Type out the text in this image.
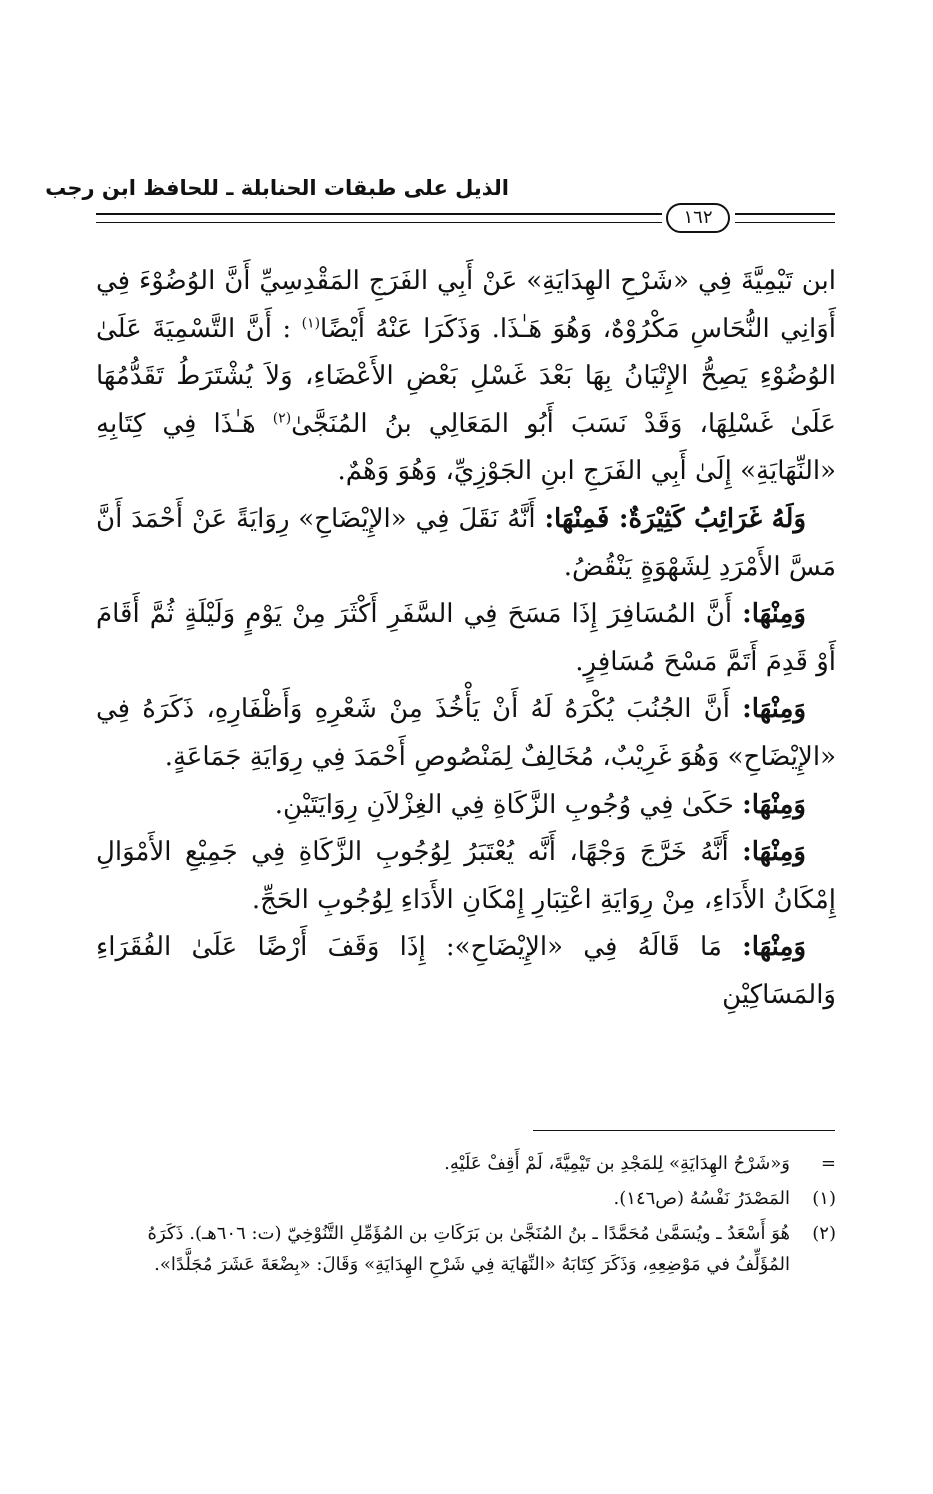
الذيل على طبقات الحنابلة ـ للحافظ ابن رجب
١٦٢

ابن تَيْمِيَّةَ فِي «شَرْحِ الهِدَايَةِ» عَنْ أَبِي الفَرَجِ المَقْدِسِيِّ أَنَّ الوُضُوْءَ فِي أَوَانِي النُّحَاسِ مَكْرُوْهٌ، وَهُوَ هَـٰذَا. وَذَكَرَا عَنْهُ أَيْضًا$^{(١)}$ : أَنَّ التَّسْمِيَةَ عَلَىٰ الوُضُوْءِ يَصِحُّ الإِتْيَانُ بِهَا بَعْدَ غَسْلِ بَعْضِ الأَعْضَاءِ، وَلاَ يُشْتَرَطُ تَقَدُّمُهَا عَلَىٰ غَسْلِهَا، وَقَدْ نَسَبَ أَبُو المَعَالِي بنُ المُنَجَّىٰ$^{(٢)}$ هَـٰذَا فِي كِتَابِهِ «النِّهَايَةِ» إِلَىٰ أَبِي الفَرَجِ ابنِ الجَوْزِيِّ، وَهُوَ وَهْمٌ.

وَلَهُ غَرَائِبُ كَثِيْرَةٌ: فَمِنْهَا: أَنَّهُ نَقَلَ فِي «الإِيْضَاحِ» رِوَايَةً عَنْ أَحْمَدَ أَنَّ مَسَّ الأَمْرَدِ لِشَهْوَةٍ يَنْقُضُ.

وَمِنْهَا: أَنَّ المُسَافِرَ إِذَا مَسَحَ فِي السَّفَرِ أَكْثَرَ مِنْ يَوْمٍ وَلَيْلَةٍ ثُمَّ أَقَامَ أَوْ قَدِمَ أَتَمَّ مَسْحَ مُسَافِرٍ.

وَمِنْهَا: أَنَّ الجُنُبَ يُكْرَهُ لَهُ أَنْ يَأْخُذَ مِنْ شَعْرِهِ وَأَظْفَارِهِ، ذَكَرَهُ فِي «الإِيْضَاحِ» وَهُوَ غَرِيْبٌ، مُخَالِفٌ لِمَنْصُوصِ أَحْمَدَ فِي رِوَايَةِ جَمَاعَةٍ.

وَمِنْهَا: حَكَىٰ فِي وُجُوبِ الزَّكَاةِ فِي الغِزْلاَنِ رِوَايَتَيْنِ.

وَمِنْهَا: أَنَّهُ خَرَّجَ وَجْهًا، أَنَّه يُعْتَبَرُ لِوُجُوبِ الزَّكَاةِ فِي جَمِيْعِ الأَمْوَالِ إِمْكَانُ الأَدَاءِ، مِنْ رِوَايَةِ اعْتِبَارِ إِمْكَانِ الأَدَاءِ لِوُجُوبِ الحَجِّ.

وَمِنْهَا: مَا قَالَهُ فِي «الإِيْضَاحِ»: إِذَا وَقَفَ أَرْضًا عَلَىٰ الفُقَرَاءِ وَالمَسَاكِيْنِ

=
وَ«شَرْحُ الهِدَايَةِ» لِلمَجْدِ بن تَيْمِيَّةَ، لَمْ أَقِفْ عَلَيْهِ.
(١)
المَصْدَرُ نَفْسُهُ (ص١٤٦).
(٢)
هُوَ أَسْعَدُ ـ ويُسَمَّىٰ مُحَمَّدًا ـ بنُ المُنَجَّىٰ بن بَرَكَاتِ بن المُؤَمِّلِ التَّنُوْخِيّ (ت: ٦٠٦هـ). ذَكَرَهُ المُؤَلِّفُ في مَوْضِعِهِ، وَذَكَرَ كِتَابَهُ «النِّهَايَة فِي شَرْحِ الهِدَايَةِ» وَقَالَ: «بِضْعَةَ عَشَرَ مُجَلَّدًا».
